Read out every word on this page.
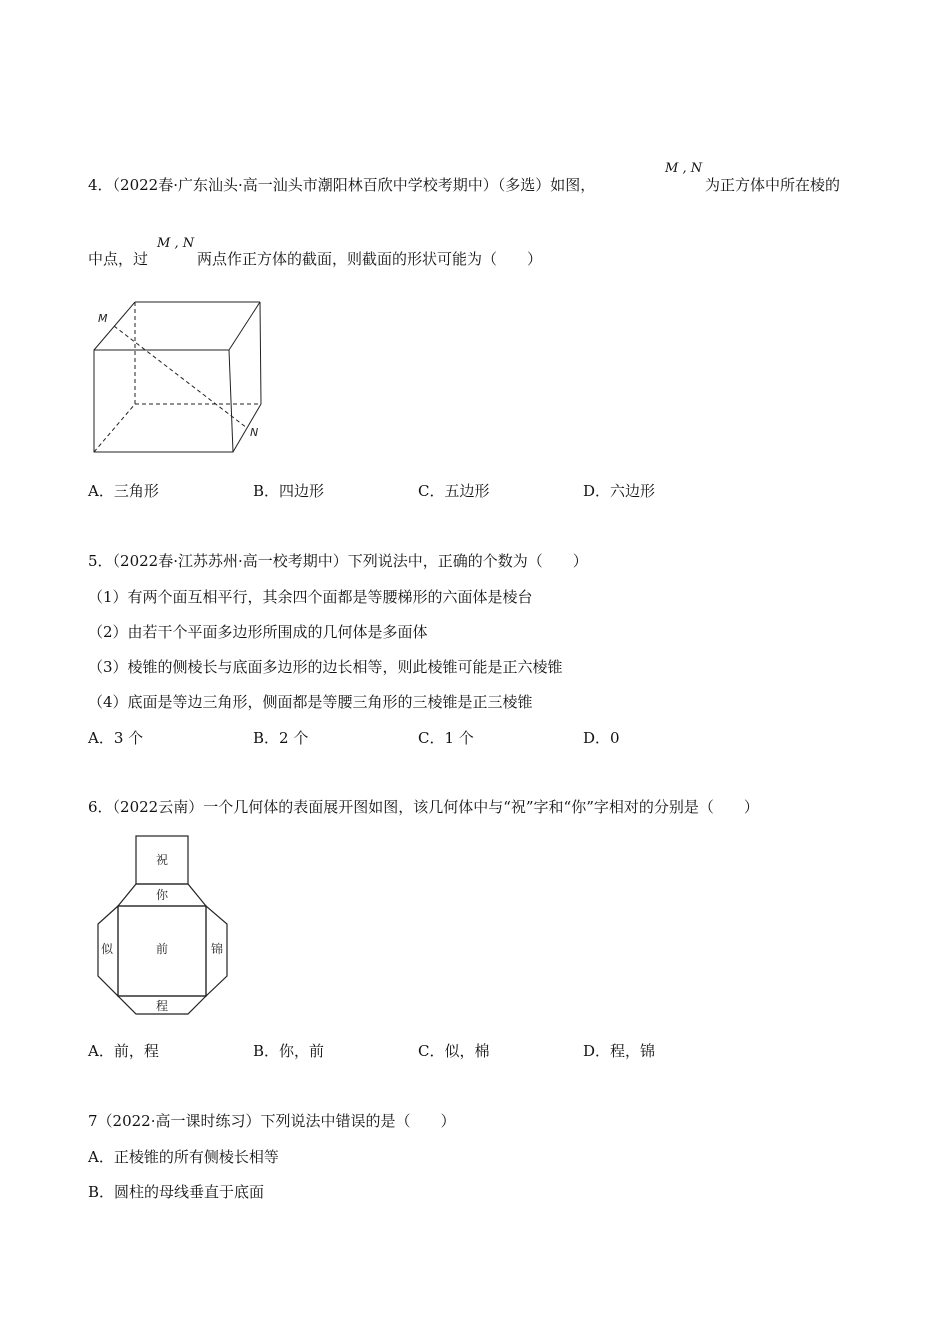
4．（2022春·广东汕头·高一汕头市潮阳林百欣中学校考期中）（多选）如图，
M , N
为正方体中所在棱的
中点，过
M , N
两点作正方体的截面，则截面的形状可能为（　　）
M
N
A．三角形	B．四边形	C．五边形	D．六边形
5．（2022春·江苏苏州·高一校考期中）下列说法中，正确的个数为（　　）
（1）有两个面互相平行，其余四个面都是等腰梯形的六面体是棱台
（2）由若干个平面多边形所围成的几何体是多面体
（3）棱锥的侧棱长与底面多边形的边长相等，则此棱锥可能是正六棱锥
（4）底面是等边三角形，侧面都是等腰三角形的三棱锥是正三棱锥
A．3 个	B．2 个	C．1 个	D．0
6．（2022云南）一个几何体的表面展开图如图，该几何体中与“祝”字和“你”字相对的分别是（　　）
祝
你
似	前	锦
程
A．前，程	B．你，前	C．似，棉	D．程，锦
7（2022·高一课时练习）下列说法中错误的是（　　）
A．正棱锥的所有侧棱长相等
B．圆柱的母线垂直于底面
